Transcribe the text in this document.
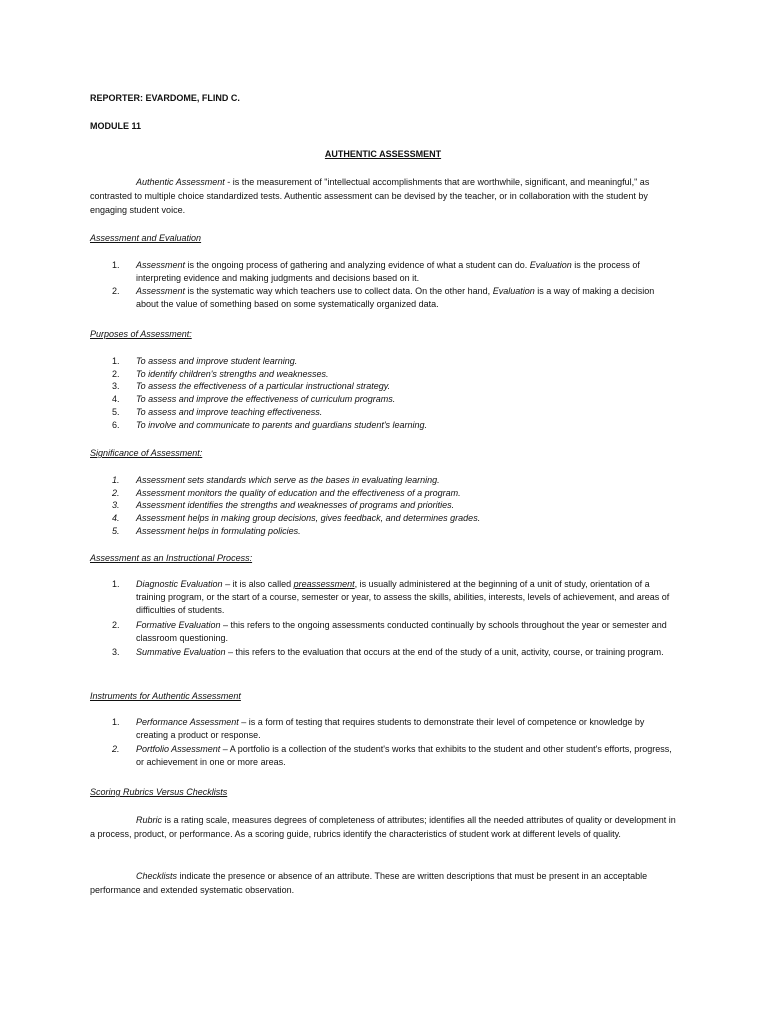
REPORTER: EVARDOME, FLIND C.
MODULE 11
AUTHENTIC ASSESSMENT

Authentic Assessment - is the measurement of "intellectual accomplishments that are worthwhile, significant, and meaningful," as contrasted to multiple choice standardized tests. Authentic assessment can be devised by the teacher, or in collaboration with the student by engaging student voice.

Assessment and Evaluation
1. Assessment is the ongoing process of gathering and analyzing evidence of what a student can do. Evaluation is the process of interpreting evidence and making judgments and decisions based on it.
2. Assessment is the systematic way which teachers use to collect data. On the other hand, Evaluation is a way of making a decision about the value of something based on some systematically organized data.
Purposes of Assessment:
1. To assess and improve student learning.
2. To identify children's strengths and weaknesses.
3. To assess the effectiveness of a particular instructional strategy.
4. To assess and improve the effectiveness of curriculum programs.
5. To assess and improve teaching effectiveness.
6. To involve and communicate to parents and guardians student's learning.
Significance of Assessment:
1. Assessment sets standards which serve as the bases in evaluating learning.
2. Assessment monitors the quality of education and the effectiveness of a program.
3. Assessment identifies the strengths and weaknesses of programs and priorities.
4. Assessment helps in making group decisions, gives feedback, and determines grades.
5. Assessment helps in formulating policies.
Assessment as an Instructional Process:
1. Diagnostic Evaluation – it is also called preassessment, is usually administered at the beginning of a unit of study, orientation of a training program, or the start of a course, semester or year, to assess the skills, abilities, interests, levels of achievement, and areas of difficulties of students.
2. Formative Evaluation – this refers to the ongoing assessments conducted continually by schools throughout the year or semester and classroom questioning.
3. Summative Evaluation – this refers to the evaluation that occurs at the end of the study of a unit, activity, course, or training program.
Instruments for Authentic Assessment
1. Performance Assessment – is a form of testing that requires students to demonstrate their level of competence or knowledge by creating a product or response.
2. Portfolio Assessment – A portfolio is a collection of the student's works that exhibits to the student and other student's efforts, progress, or achievement in one or more areas.
Scoring Rubrics Versus Checklists

Rubric is a rating scale, measures degrees of completeness of attributes; identifies all the needed attributes of quality or development in a process, product, or performance. As a scoring guide, rubrics identify the characteristics of student work at different levels of quality.

Checklists indicate the presence or absence of an attribute. These are written descriptions that must be present in an acceptable performance and extended systematic observation.
